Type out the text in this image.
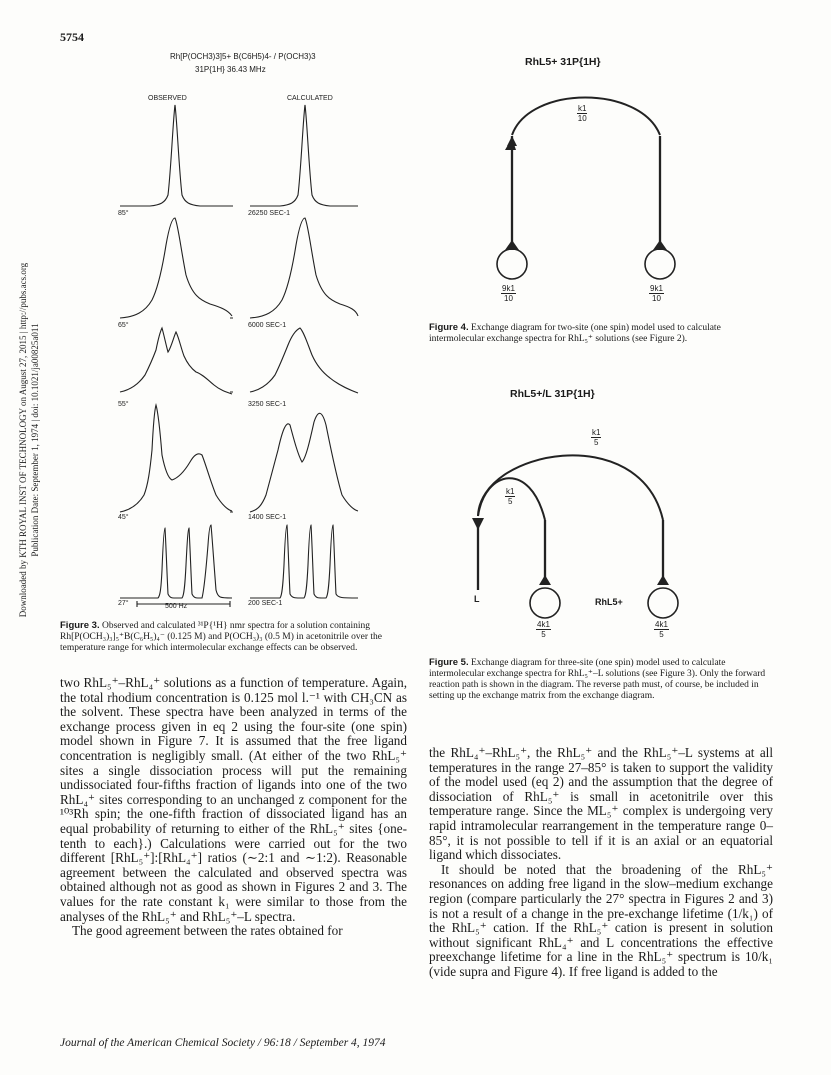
5754
Downloaded by KTH ROYAL INST OF TECHNOLOGY on August 27, 2015 | http://pubs.acs.org Publication Date: September 1, 1974 | doi: 10.1021/ja00825a011
Rh[P(OCH3)3]5+ B(C6H5)4- / P(OCH3)3
31P{1H} 36.43 MHz
OBSERVED	CALCULATED
85°
65°
55°
45°
27°
26250 SEC-1
6000 SEC-1
3250 SEC-1
1400 SEC-1
200 SEC-1
500 Hz
RhL5+ 31P{1H}
$\frac{k1}{10}$
$\frac{9k1}{10}$	$\frac{9k1}{10}$
Figure 4. Exchange diagram for two-site (one spin) model used to calculate intermolecular exchange spectra for RhL₅⁺ solutions (see Figure 2).
RhL5+/L 31P{1H}
$\frac{k1}{5}$
$\frac{k1}{5}$
L	RhL5+
$\frac{4k1}{5}$	$\frac{4k1}{5}$
Figure 5. Exchange diagram for three-site (one spin) model used to calculate intermolecular exchange spectra for RhL₅⁺–L solutions (see Figure 3). Only the forward reaction path is shown in the diagram. The reverse path must, of course, be included in setting up the exchange matrix from the exchange diagram.
Figure 3. Observed and calculated ³¹P{¹H} nmr spectra for a solution containing Rh[P(OCH₃)₃]₅⁺B(C₆H₅)₄⁻ (0.125 M) and P(OCH₃)₃ (0.5 M) in acetonitrile over the temperature range for which intermolecular exchange effects can be observed.

two RhL₅⁺–RhL₄⁺ solutions as a function of temperature. Again, the total rhodium concentration is 0.125 mol l.⁻¹ with CH₃CN as the solvent. These spectra have been analyzed in terms of the exchange process given in eq 2 using the four-site (one spin) model shown in Figure 7. It is assumed that the free ligand concentration is negligibly small. (At either of the two RhL₅⁺ sites a single dissociation process will put the remaining undissociated four-fifths fraction of ligands into one of the two RhL₄⁺ sites corresponding to an unchanged z component for the ¹⁰³Rh spin; the one-fifth fraction of dissociated ligand has an equal probability of returning to either of the RhL₅⁺ sites {one-tenth to each}.) Calculations were carried out for the two different [RhL₅⁺]:[RhL₄⁺] ratios (∼2:1 and ∼1:2). Reasonable agreement between the calculated and observed spectra was obtained although not as good as shown in Figures 2 and 3. The values for the rate constant k₁ were similar to those from the analyses of the RhL₅⁺ and RhL₅⁺–L spectra.

The good agreement between the rates obtained for

the RhL₄⁺–RhL₅⁺, the RhL₅⁺ and the RhL₅⁺–L systems at all temperatures in the range 27–85° is taken to support the validity of the model used (eq 2) and the assumption that the degree of dissociation of RhL₅⁺ is small in acetonitrile over this temperature range. Since the ML₅⁺ complex is undergoing very rapid intramolecular rearrangement in the temperature range 0–85°, it is not possible to tell if it is an axial or an equatorial ligand which dissociates.

It should be noted that the broadening of the RhL₅⁺ resonances on adding free ligand in the slow–medium exchange region (compare particularly the 27° spectra in Figures 2 and 3) is not a result of a change in the pre-exchange lifetime (1/k₁) of the RhL₅⁺ cation. If the RhL₅⁺ cation is present in solution without significant RhL₄⁺ and L concentrations the effective preexchange lifetime for a line in the RhL₅⁺ spectrum is 10/k₁ (vide supra and Figure 4). If free ligand is added to the

Journal of the American Chemical Society / 96:18 / September 4, 1974
